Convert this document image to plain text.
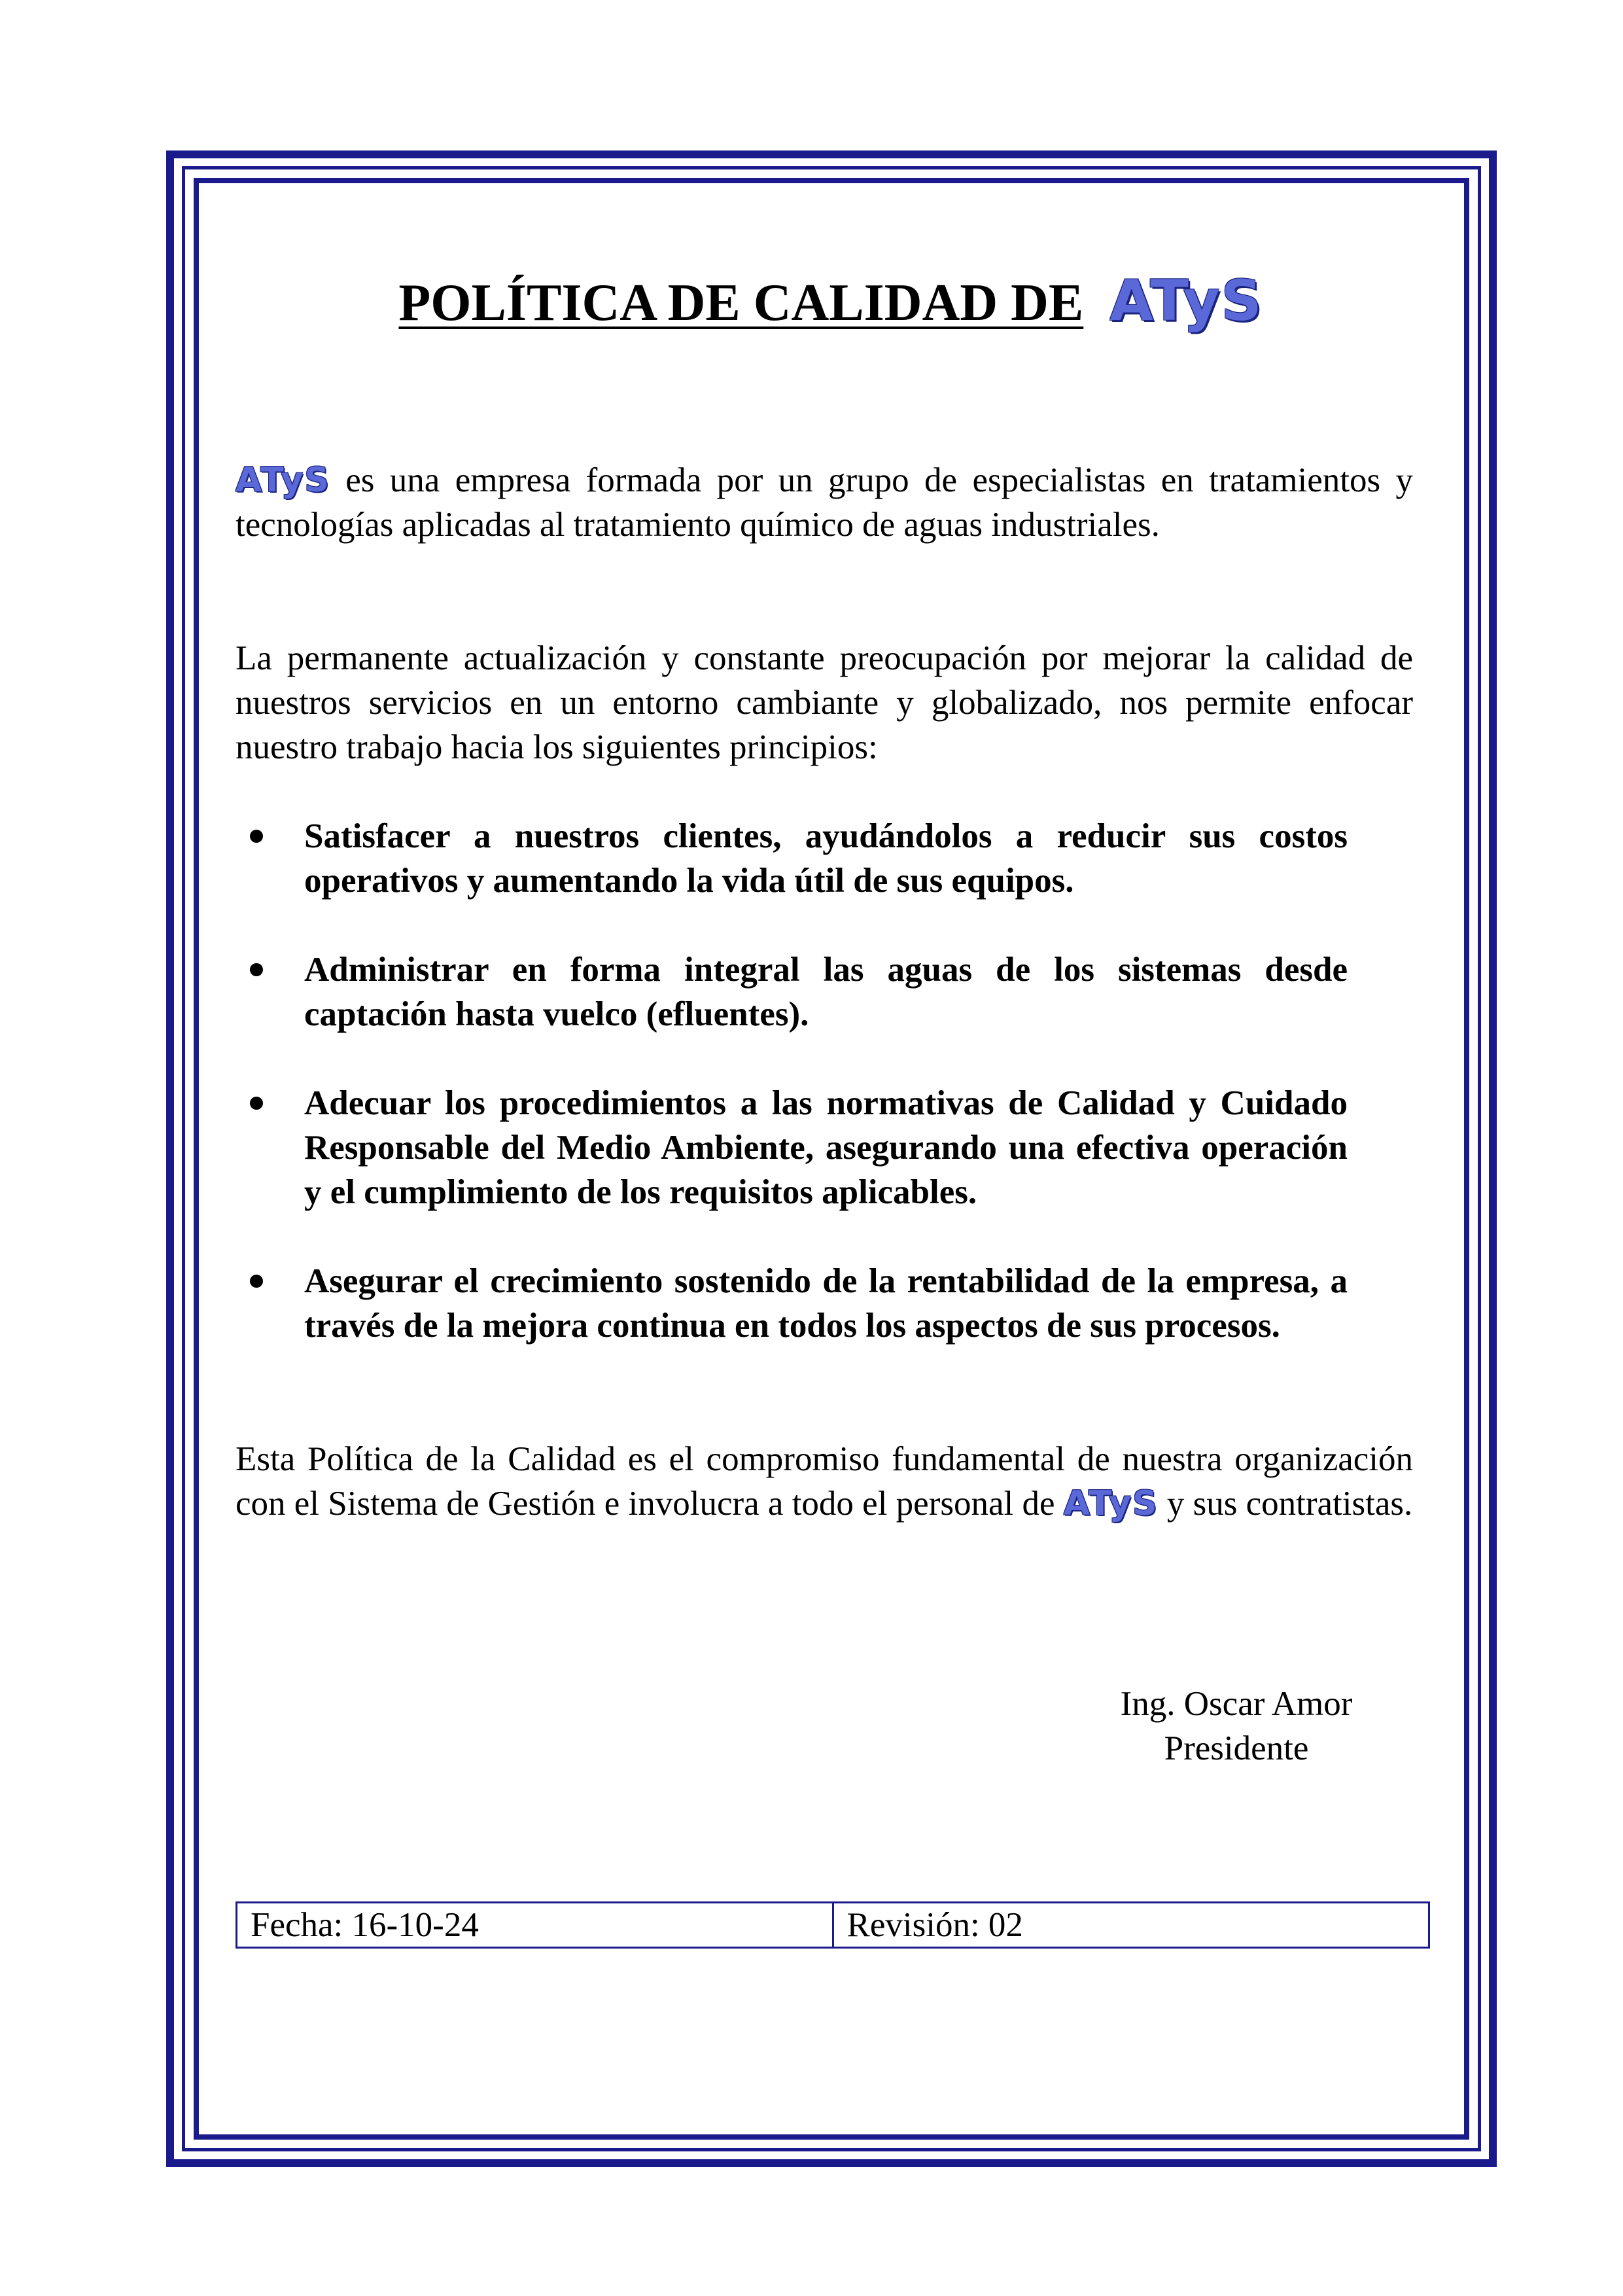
POLÍTICA DE CALIDAD DE ATyS
ATyS es una empresa formada por un grupo de especialistas en tratamientos y tecnologías aplicadas al tratamiento químico de aguas industriales.
La permanente actualización y constante preocupación por mejorar la calidad de nuestros servicios en un entorno cambiante y globalizado, nos permite enfocar nuestro trabajo hacia los siguientes principios:
Satisfacer a nuestros clientes, ayudándolos a reducir sus costos operativos y aumentando la vida útil de sus equipos.
Administrar en forma integral las aguas de los sistemas desde captación hasta vuelco (efluentes).
Adecuar los procedimientos a las normativas de Calidad y Cuidado Responsable del Medio Ambiente, asegurando una efectiva operación y el cumplimiento de los requisitos aplicables.
Asegurar el crecimiento sostenido de la rentabilidad de la empresa, a través de la mejora continua en todos los aspectos de sus procesos.
Esta Política de la Calidad es el compromiso fundamental de nuestra organización con el Sistema de Gestión e involucra a todo el personal de ATyS y sus contratistas.
Ing. Oscar Amor
Presidente
Fecha: 16-10-24	Revisión: 02
